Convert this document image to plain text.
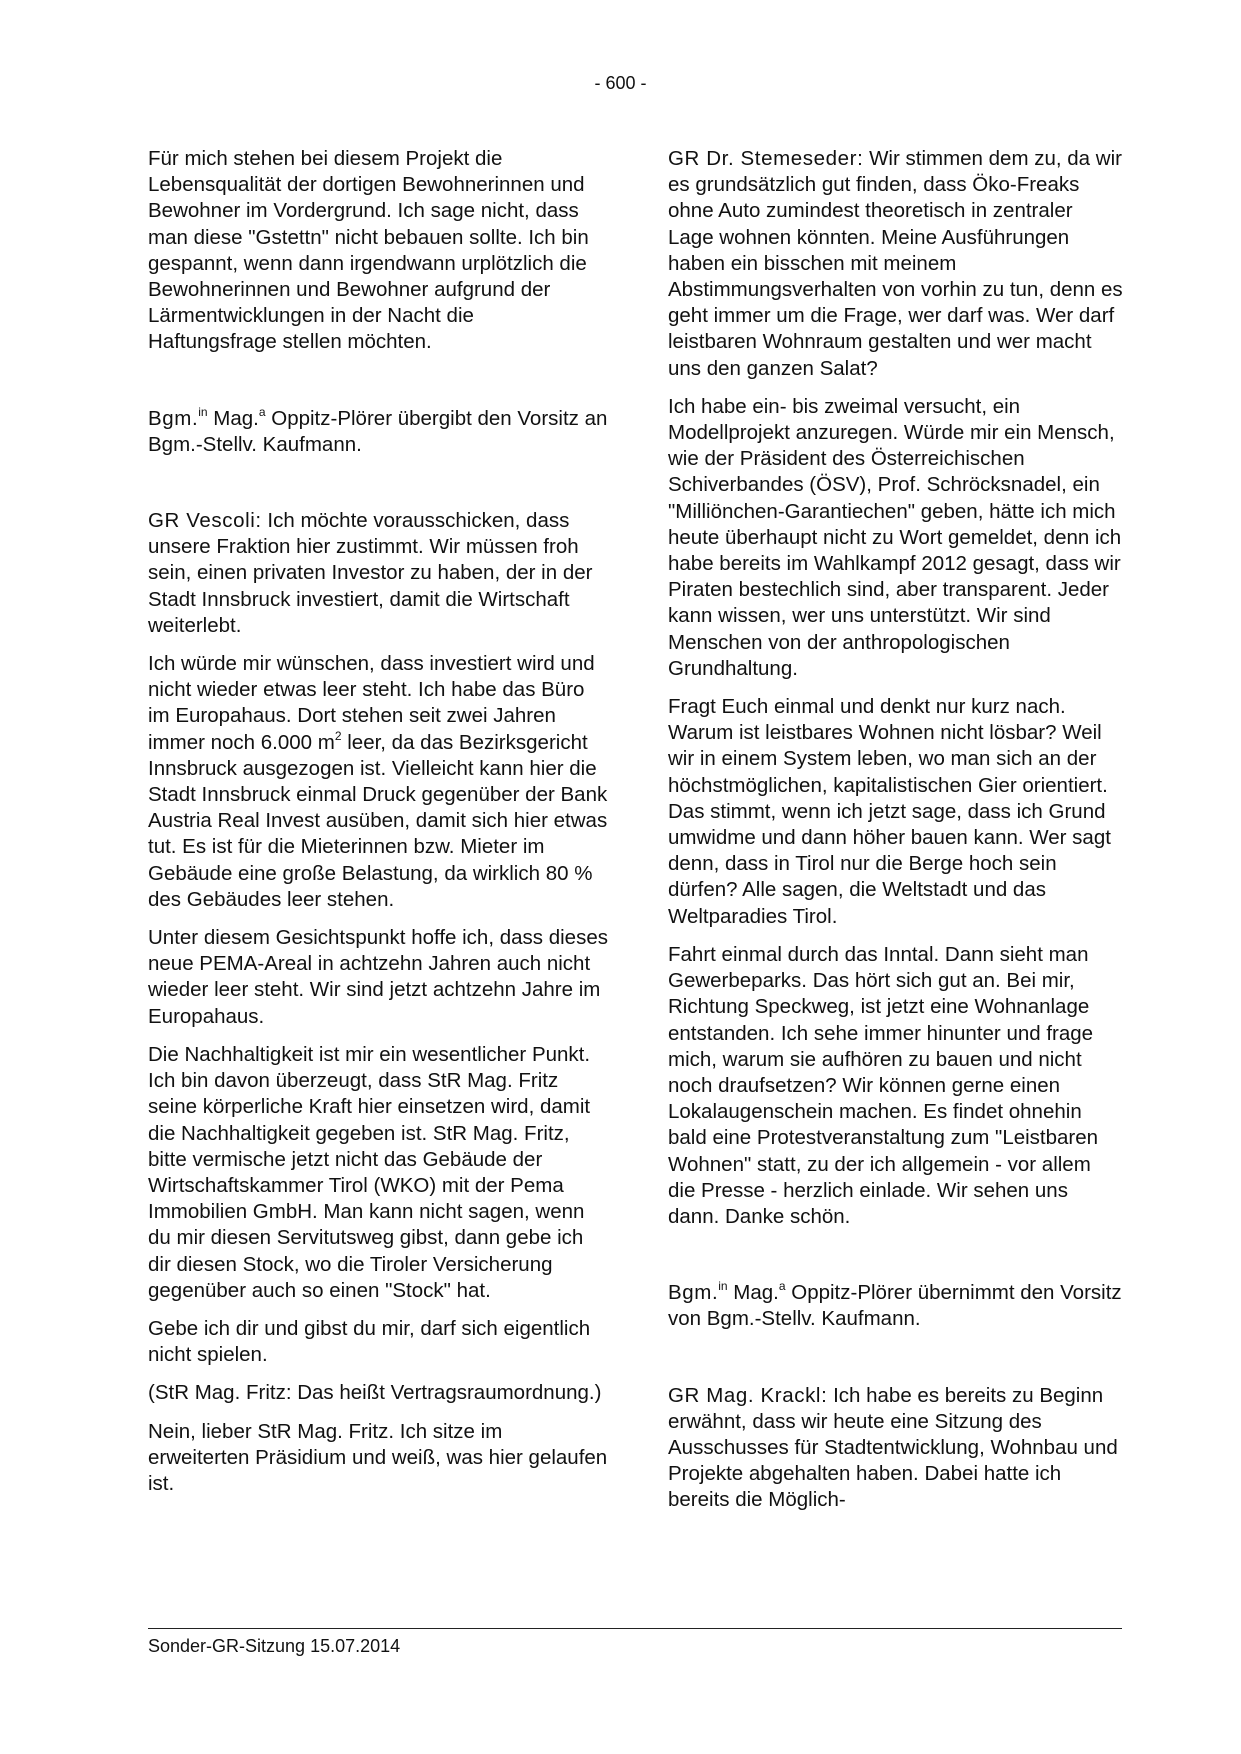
- 600 -

Für mich stehen bei diesem Projekt die Lebensqualität der dortigen Bewohnerinnen und Bewohner im Vordergrund. Ich sage nicht, dass man diese "Gstettn" nicht bebauen sollte. Ich bin gespannt, wenn dann irgendwann urplötzlich die Bewohnerinnen und Bewohner aufgrund der Lärmentwicklungen in der Nacht die Haftungsfrage stellen möchten.

Bgm.$^{in}$ Mag.$^a$ Oppitz-Plörer übergibt den Vorsitz an Bgm.-Stellv. Kaufmann.

GR Vescoli: Ich möchte vorausschicken, dass unsere Fraktion hier zustimmt. Wir müssen froh sein, einen privaten Investor zu haben, der in der Stadt Innsbruck investiert, damit die Wirtschaft weiterlebt.

Ich würde mir wünschen, dass investiert wird und nicht wieder etwas leer steht. Ich habe das Büro im Europahaus. Dort stehen seit zwei Jahren immer noch 6.000 $m^2$ leer, da das Bezirksgericht Innsbruck ausgezogen ist. Vielleicht kann hier die Stadt Innsbruck einmal Druck gegenüber der Bank Austria Real Invest ausüben, damit sich hier etwas tut. Es ist für die Mieterinnen bzw. Mieter im Gebäude eine große Belastung, da wirklich 80 % des Gebäudes leer stehen.

Unter diesem Gesichtspunkt hoffe ich, dass dieses neue PEMA-Areal in achtzehn Jahren auch nicht wieder leer steht. Wir sind jetzt achtzehn Jahre im Europahaus.

Die Nachhaltigkeit ist mir ein wesentlicher Punkt. Ich bin davon überzeugt, dass StR Mag. Fritz seine körperliche Kraft hier einsetzen wird, damit die Nachhaltigkeit gegeben ist. StR Mag. Fritz, bitte vermische jetzt nicht das Gebäude der Wirtschaftskammer Tirol (WKO) mit der Pema Immobilien GmbH. Man kann nicht sagen, wenn du mir diesen Servitutsweg gibst, dann gebe ich dir diesen Stock, wo die Tiroler Versicherung gegenüber auch so einen "Stock" hat.

Gebe ich dir und gibst du mir, darf sich eigentlich nicht spielen.

(StR Mag. Fritz: Das heißt Vertragsraumordnung.)

Nein, lieber StR Mag. Fritz. Ich sitze im erweiterten Präsidium und weiß, was hier gelaufen ist.

GR Dr. Stemeseder: Wir stimmen dem zu, da wir es grundsätzlich gut finden, dass Öko-Freaks ohne Auto zumindest theoretisch in zentraler Lage wohnen könnten. Meine Ausführungen haben ein bisschen mit meinem Abstimmungsverhalten von vorhin zu tun, denn es geht immer um die Frage, wer darf was. Wer darf leistbaren Wohnraum gestalten und wer macht uns den ganzen Salat?

Ich habe ein- bis zweimal versucht, ein Modellprojekt anzuregen. Würde mir ein Mensch, wie der Präsident des Österreichischen Schiverbandes (ÖSV), Prof. Schröcksnadel, ein "Milliönchen-Garantiechen" geben, hätte ich mich heute überhaupt nicht zu Wort gemeldet, denn ich habe bereits im Wahlkampf 2012 gesagt, dass wir Piraten bestechlich sind, aber transparent. Jeder kann wissen, wer uns unterstützt. Wir sind Menschen von der anthropologischen Grundhaltung.

Fragt Euch einmal und denkt nur kurz nach. Warum ist leistbares Wohnen nicht lösbar? Weil wir in einem System leben, wo man sich an der höchstmöglichen, kapitalistischen Gier orientiert. Das stimmt, wenn ich jetzt sage, dass ich Grund umwidme und dann höher bauen kann. Wer sagt denn, dass in Tirol nur die Berge hoch sein dürfen? Alle sagen, die Weltstadt und das Weltparadies Tirol.

Fahrt einmal durch das Inntal. Dann sieht man Gewerbeparks. Das hört sich gut an. Bei mir, Richtung Speckweg, ist jetzt eine Wohnanlage entstanden. Ich sehe immer hinunter und frage mich, warum sie aufhören zu bauen und nicht noch draufsetzen? Wir können gerne einen Lokalaugenschein machen. Es findet ohnehin bald eine Protestveranstaltung zum "Leistbaren Wohnen" statt, zu der ich allgemein - vor allem die Presse - herzlich einlade. Wir sehen uns dann. Danke schön.

Bgm.$^{in}$ Mag.$^a$ Oppitz-Plörer übernimmt den Vorsitz von Bgm.-Stellv. Kaufmann.

GR Mag. Krackl: Ich habe es bereits zu Beginn erwähnt, dass wir heute eine Sitzung des Ausschusses für Stadtentwicklung, Wohnbau und Projekte abgehalten haben. Dabei hatte ich bereits die Möglich-

Sonder-GR-Sitzung 15.07.2014
